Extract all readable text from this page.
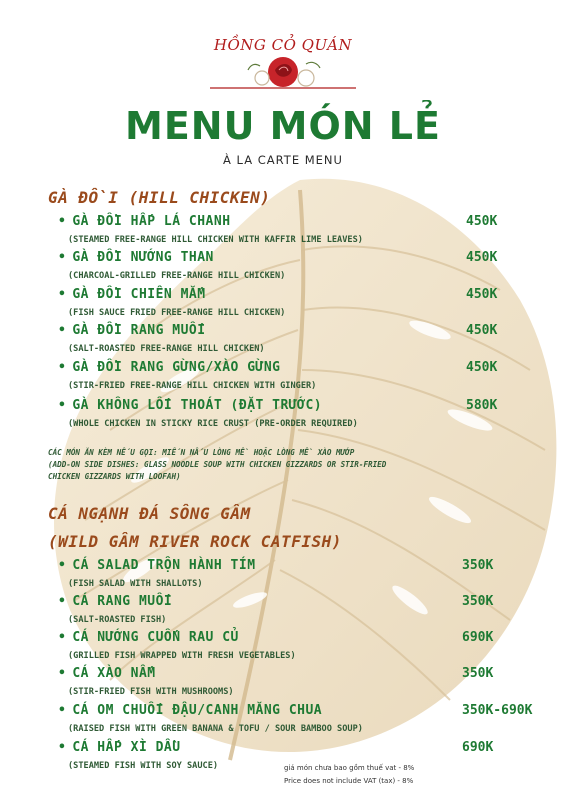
HỒNG CỎ QUÁN
MENU MÓN LẺ
À LA CARTE MENU
GÀ ĐỒI (HILL CHICKEN)
• GÀ ĐỒI HẤP LÁ CHANH	450K
(STEAMED FREE-RANGE HILL CHICKEN WITH KAFFIR LIME LEAVES)
• GÀ ĐỒI NƯỚNG THAN	450K
(CHARCOAL-GRILLED FREE-RANGE HILL CHICKEN)
• GÀ ĐỒI CHIÊN MẮM	450K
(FISH SAUCE FRIED FREE-RANGE HILL CHICKEN)
• GÀ ĐỒI RANG MUỐI	450K
(SALT-ROASTED FREE-RANGE HILL CHICKEN)
• GÀ ĐỒI RANG GỪNG/XÀO GỪNG	450K
(STIR-FRIED FREE-RANGE HILL CHICKEN WITH GINGER)
• GÀ KHÔNG LỐI THOÁT (ĐẶT TRƯỚC)	580K
(WHOLE CHICKEN IN STICKY RICE CRUST (PRE-ORDER REQUIRED)
CÁC MÓN ĂN KÈM NẾU GỌI: MIẾN NẤU LÒNG MỀ HOẶC LÒNG MỀ XÀO MƯỚP
(ADD-ON SIDE DISHES: GLASS NOODLE SOUP WITH CHICKEN GIZZARDS OR STIR-FRIED
CHICKEN GIZZARDS WITH LOOFAH)
CÁ NGẠNH ĐÁ SÔNG GÂM
(WILD GÂM RIVER ROCK CATFISH)
• CÁ SALAD TRỘN HÀNH TÍM	350K
(FISH SALAD WITH SHALLOTS)
• CÁ RANG MUỐI	350K
(SALT-ROASTED FISH)
• CÁ NƯỚNG CUỐN RAU CỦ	690K
(GRILLED FISH WRAPPED WITH FRESH VEGETABLES)
• CÁ XÀO NẤM	350K
(STIR-FRIED FISH WITH MUSHROOMS)
• CÁ OM CHUỐI ĐẬU/CANH MĂNG CHUA	350K-690K
(RAISED FISH WITH GREEN BANANA & TOFU / SOUR BAMBOO SOUP)
• CÁ HẤP XÌ DẦU	690K
(STEAMED FISH WITH SOY SAUCE)	giá món chưa bao gồm thuế vat - 8%
Price does not include VAT (tax) - 8%
